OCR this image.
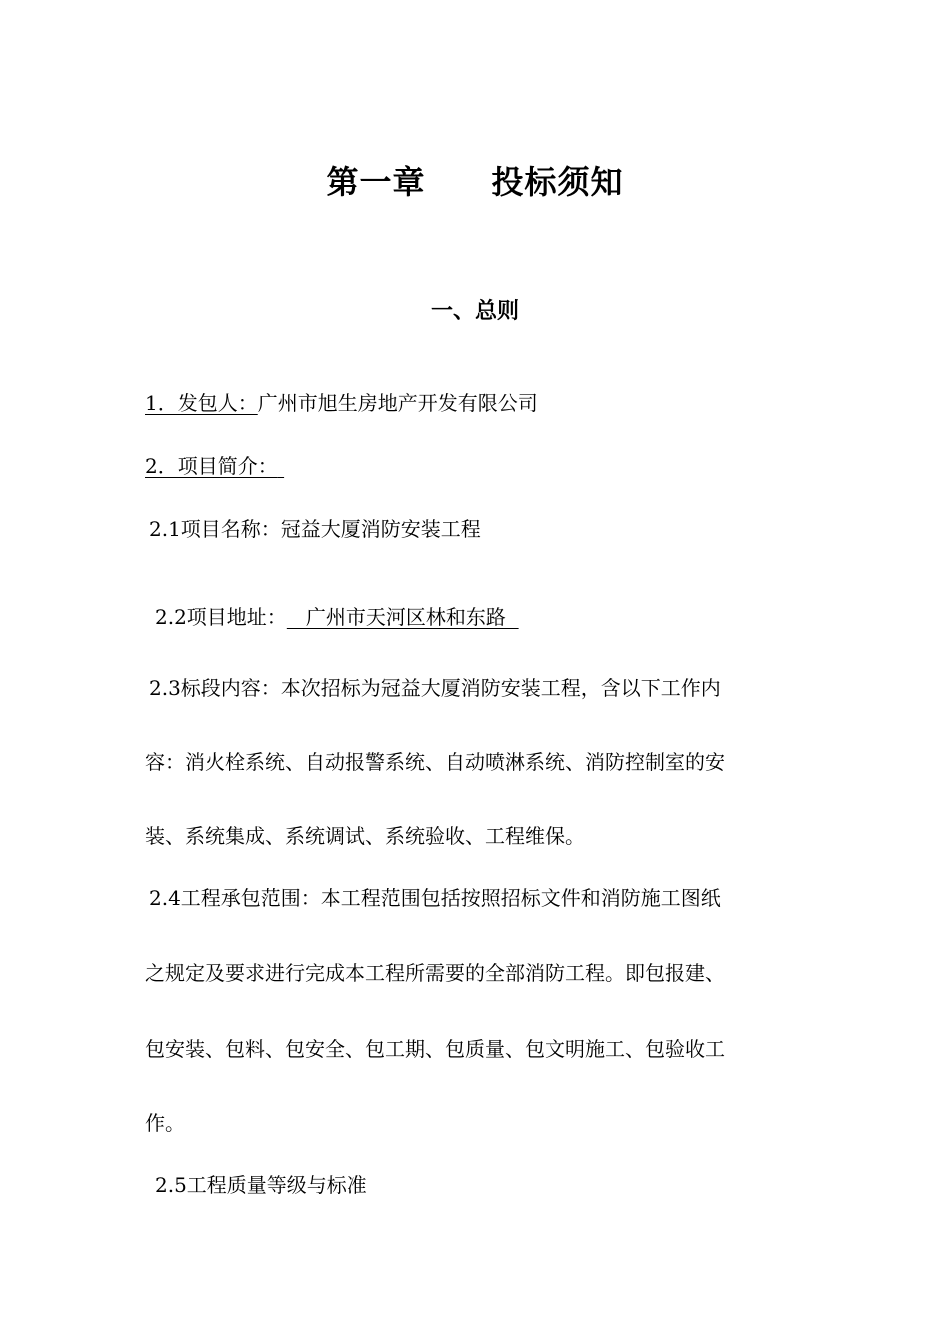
第一章　　投标须知
一、总则
1．发包人：广州市旭生房地产开发有限公司
2．项目简介：
2.1项目名称：冠益大厦消防安装工程
2.2项目地址：   广州市天河区林和东路
2.3标段内容：本次招标为冠益大厦消防安装工程，含以下工作内
容：消火栓系统、自动报警系统、自动喷淋系统、消防控制室的安
装、系统集成、系统调试、系统验收、工程维保。
2.4工程承包范围：本工程范围包括按照招标文件和消防施工图纸
之规定及要求进行完成本工程所需要的全部消防工程。即包报建、
包安装、包料、包安全、包工期、包质量、包文明施工、包验收工
作。
2.5工程质量等级与标准
